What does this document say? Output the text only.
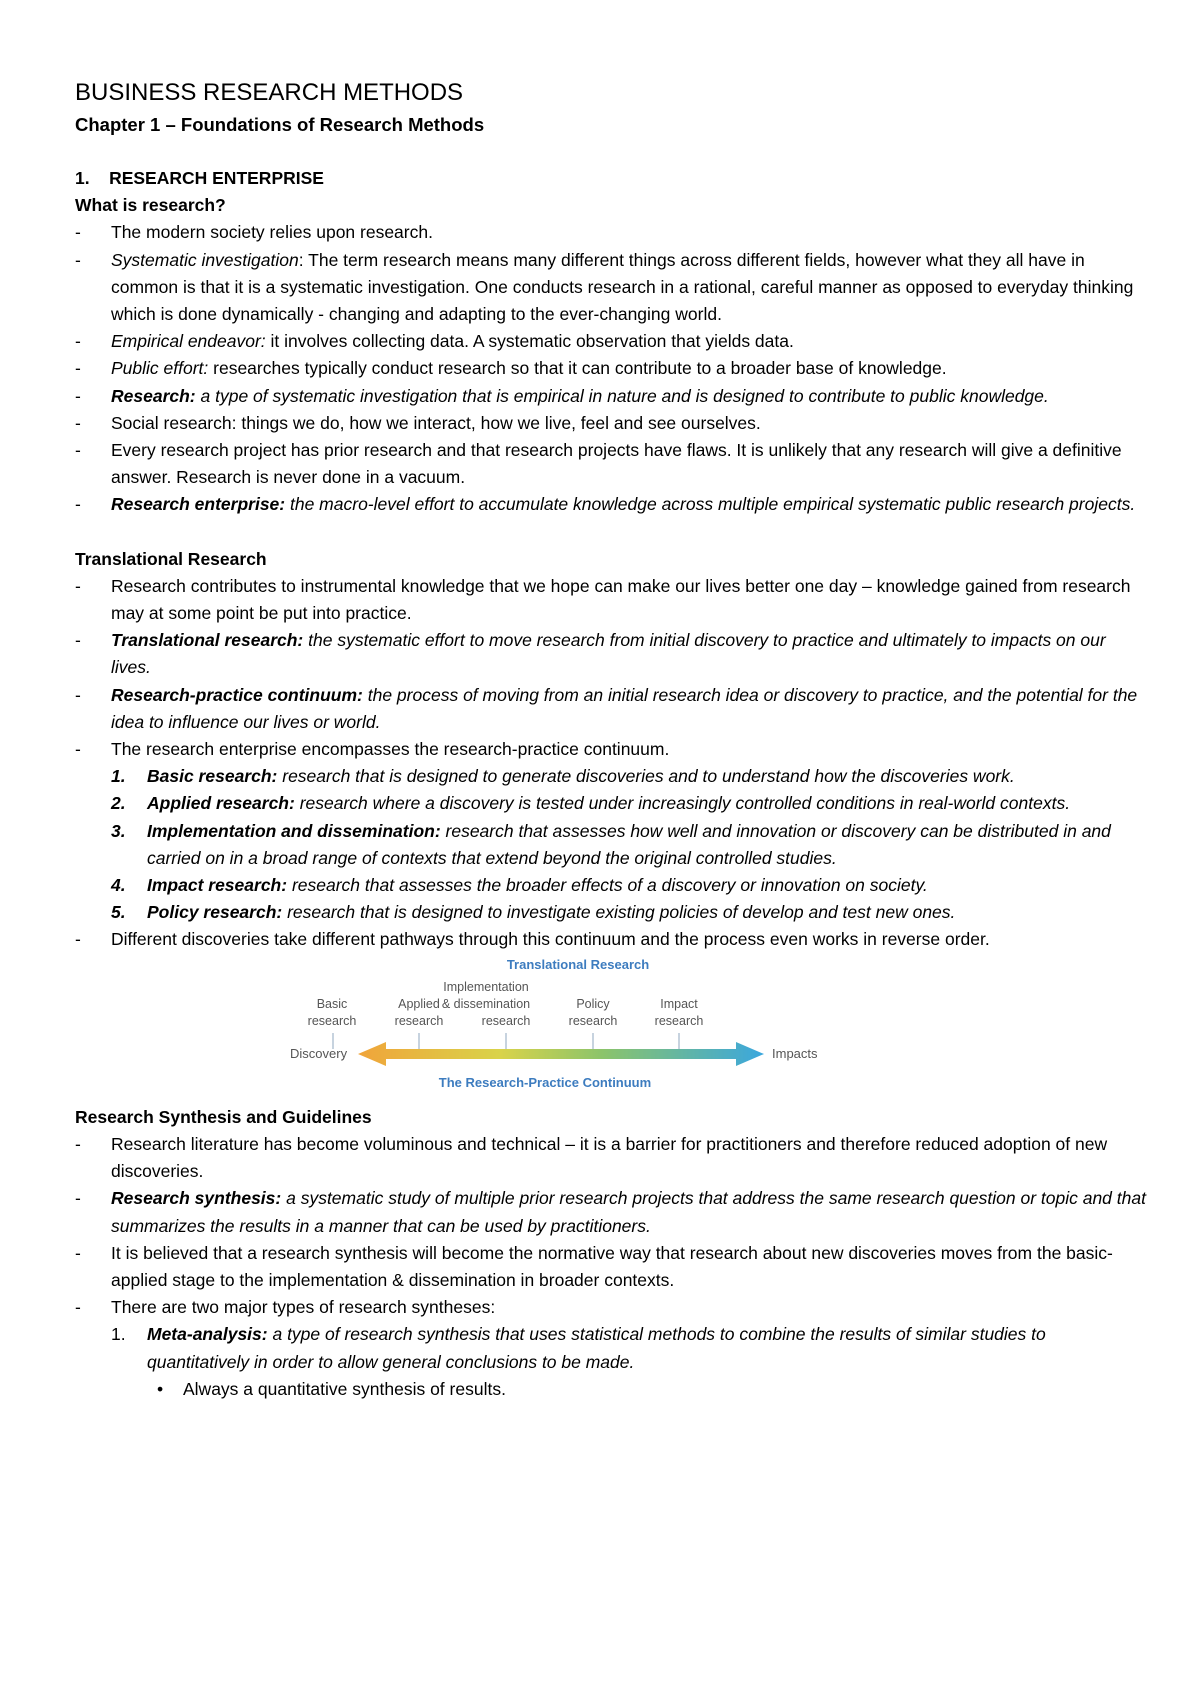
BUSINESS RESEARCH METHODS
Chapter 1 – Foundations of Research Methods
1. RESEARCH ENTERPRISE
What is research?
- The modern society relies upon research.
- Systematic investigation: The term research means many different things across different fields, however what they all have in common is that it is a systematic investigation. One conducts research in a rational, careful manner as opposed to everyday thinking which is done dynamically - changing and adapting to the ever-changing world.
- Empirical endeavor: it involves collecting data. A systematic observation that yields data.
- Public effort: researches typically conduct research so that it can contribute to a broader base of knowledge.
- Research: a type of systematic investigation that is empirical in nature and is designed to contribute to public knowledge.
- Social research: things we do, how we interact, how we live, feel and see ourselves.
- Every research project has prior research and that research projects have flaws. It is unlikely that any research will give a definitive answer. Research is never done in a vacuum.
- Research enterprise: the macro-level effort to accumulate knowledge across multiple empirical systematic public research projects.
Translational Research
- Research contributes to instrumental knowledge that we hope can make our lives better one day – knowledge gained from research may at some point be put into practice.
- Translational research: the systematic effort to move research from initial discovery to practice and ultimately to impacts on our lives.
- Research-practice continuum: the process of moving from an initial research idea or discovery to practice, and the potential for the idea to influence our lives or world.
- The research enterprise encompasses the research-practice continuum.
1. Basic research: research that is designed to generate discoveries and to understand how the discoveries work.
2. Applied research: research where a discovery is tested under increasingly controlled conditions in real-world contexts.
3. Implementation and dissemination: research that assesses how well and innovation or discovery can be distributed in and carried on in a broad range of contexts that extend beyond the original controlled studies.
4. Impact research: research that assesses the broader effects of a discovery or innovation on society.
5. Policy research: research that is designed to investigate existing policies of develop and test new ones.
- Different discoveries take different pathways through this continuum and the process even works in reverse order.
Translational Research
Implementation
Basic
research
Applied
research
& dissemination
research
Policy
research
Impact
research
Discovery	Impacts
The Research-Practice Continuum
Research Synthesis and Guidelines
- Research literature has become voluminous and technical – it is a barrier for practitioners and therefore reduced adoption of new discoveries.
- Research synthesis: a systematic study of multiple prior research projects that address the same research question or topic and that summarizes the results in a manner that can be used by practitioners.
- It is believed that a research synthesis will become the normative way that research about new discoveries moves from the basic-applied stage to the implementation & dissemination in broader contexts.
- There are two major types of research syntheses:
1. Meta-analysis: a type of research synthesis that uses statistical methods to combine the results of similar studies to quantitatively in order to allow general conclusions to be made.
• Always a quantitative synthesis of results.
